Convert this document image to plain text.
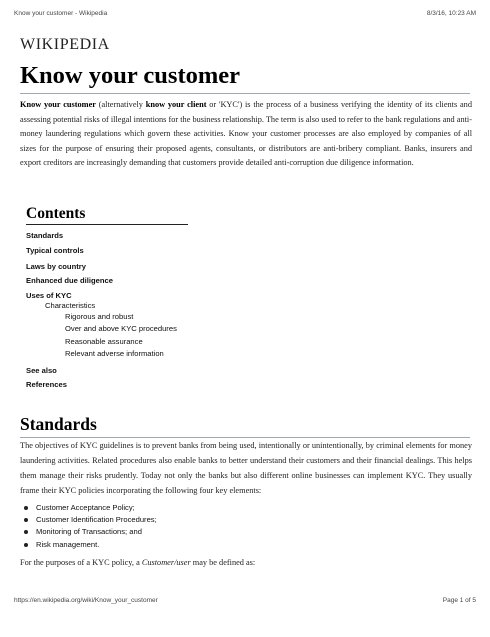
Know your customer - Wikipedia	8/3/16, 10:23 AM
WIKIPEDIA
Know your customer

Know your customer (alternatively know your client or 'KYC') is the process of a business verifying the identity of its clients and assessing potential risks of illegal intentions for the business relationship. The term is also used to refer to the bank regulations and anti-money laundering regulations which govern these activities. Know your customer processes are also employed by companies of all sizes for the purpose of ensuring their proposed agents, consultants, or distributors are anti-bribery compliant. Banks, insurers and export creditors are increasingly demanding that customers provide detailed anti-corruption due diligence information.

Contents
Standards
Typical controls
Laws by country
Enhanced due diligence
Uses of KYC
Characteristics
Rigorous and robust
Over and above KYC procedures
Reasonable assurance
Relevant adverse information
See also
References
Standards

The objectives of KYC guidelines is to prevent banks from being used, intentionally or unintentionally, by criminal elements for money laundering activities. Related procedures also enable banks to better understand their customers and their financial dealings. This helps them manage their risks prudently. Today not only the banks but also different online businesses can implement KYC. They usually frame their KYC policies incorporating the following four key elements:

Customer Acceptance Policy;
Customer Identification Procedures;
Monitoring of Transactions; and
Risk management.

For the purposes of a KYC policy, a Customer/user may be defined as:

https://en.wikipedia.org/wiki/Know_your_customer	Page 1 of 5
